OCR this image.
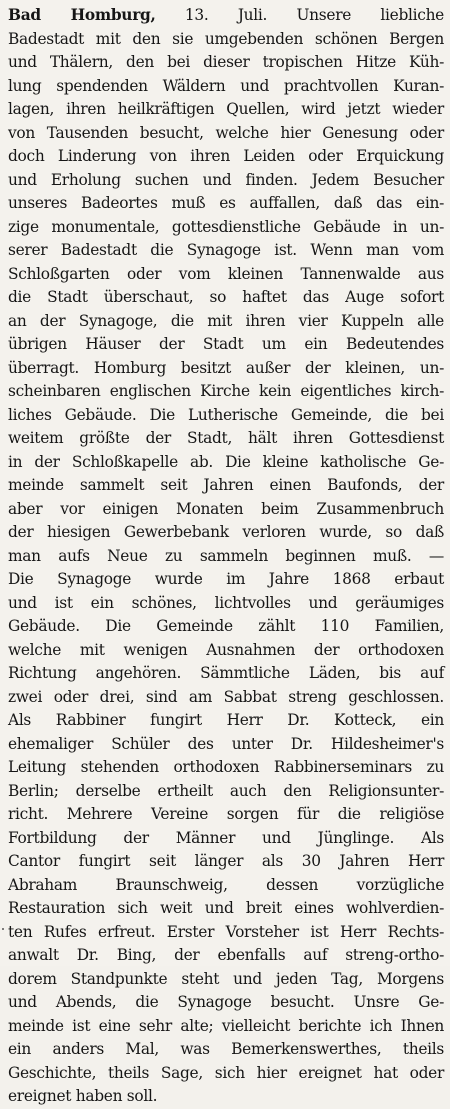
Bad Homburg, 13. Juli. Unsere liebliche
Badestadt mit den sie umgebenden schönen Bergen
und Thälern, den bei dieser tropischen Hitze Küh-
lung spendenden Wäldern und prachtvollen Kuran-
lagen, ihren heilkräftigen Quellen, wird jetzt wieder
von Tausenden besucht, welche hier Genesung oder
doch Linderung von ihren Leiden oder Erquickung
und Erholung suchen und finden. Jedem Besucher
unseres Badeortes muß es auffallen, daß das ein-
zige monumentale, gottesdienstliche Gebäude in un-
serer Badestadt die Synagoge ist. Wenn man vom
Schloßgarten oder vom kleinen Tannenwalde aus
die Stadt überschaut, so haftet das Auge sofort
an der Synagoge, die mit ihren vier Kuppeln alle
übrigen Häuser der Stadt um ein Bedeutendes
überragt. Homburg besitzt außer der kleinen, un-
scheinbaren englischen Kirche kein eigentliches kirch-
liches Gebäude. Die Lutherische Gemeinde, die bei
weitem größte der Stadt, hält ihren Gottesdienst
in der Schloßkapelle ab. Die kleine katholische Ge-
meinde sammelt seit Jahren einen Baufonds, der
aber vor einigen Monaten beim Zusammenbruch
der hiesigen Gewerbebank verloren wurde, so daß
man aufs Neue zu sammeln beginnen muß. —
Die Synagoge wurde im Jahre 1868 erbaut
und ist ein schönes, lichtvolles und geräumiges
Gebäude. Die Gemeinde zählt 110 Familien,
welche mit wenigen Ausnahmen der orthodoxen
Richtung angehören. Sämmtliche Läden, bis auf
zwei oder drei, sind am Sabbat streng geschlossen.
Als Rabbiner fungirt Herr Dr. Kotteck, ein
ehemaliger Schüler des unter Dr. Hildesheimer's
Leitung stehenden orthodoxen Rabbinerseminars zu
Berlin; derselbe ertheilt auch den Religionsunter-
richt. Mehrere Vereine sorgen für die religiöse
Fortbildung der Männer und Jünglinge. Als
Cantor fungirt seit länger als 30 Jahren Herr
Abraham Braunschweig, dessen vorzügliche
Restauration sich weit und breit eines wohlverdien-
ten Rufes erfreut. Erster Vorsteher ist Herr Rechts-
anwalt Dr. Bing, der ebenfalls auf streng-ortho-
dorem Standpunkte steht und jeden Tag, Morgens
und Abends, die Synagoge besucht. Unsre Ge-
meinde ist eine sehr alte; vielleicht berichte ich Ihnen
ein anders Mal, was Bemerkenswerthes, theils
Geschichte, theils Sage, sich hier ereignet hat oder
ereignet haben soll.
